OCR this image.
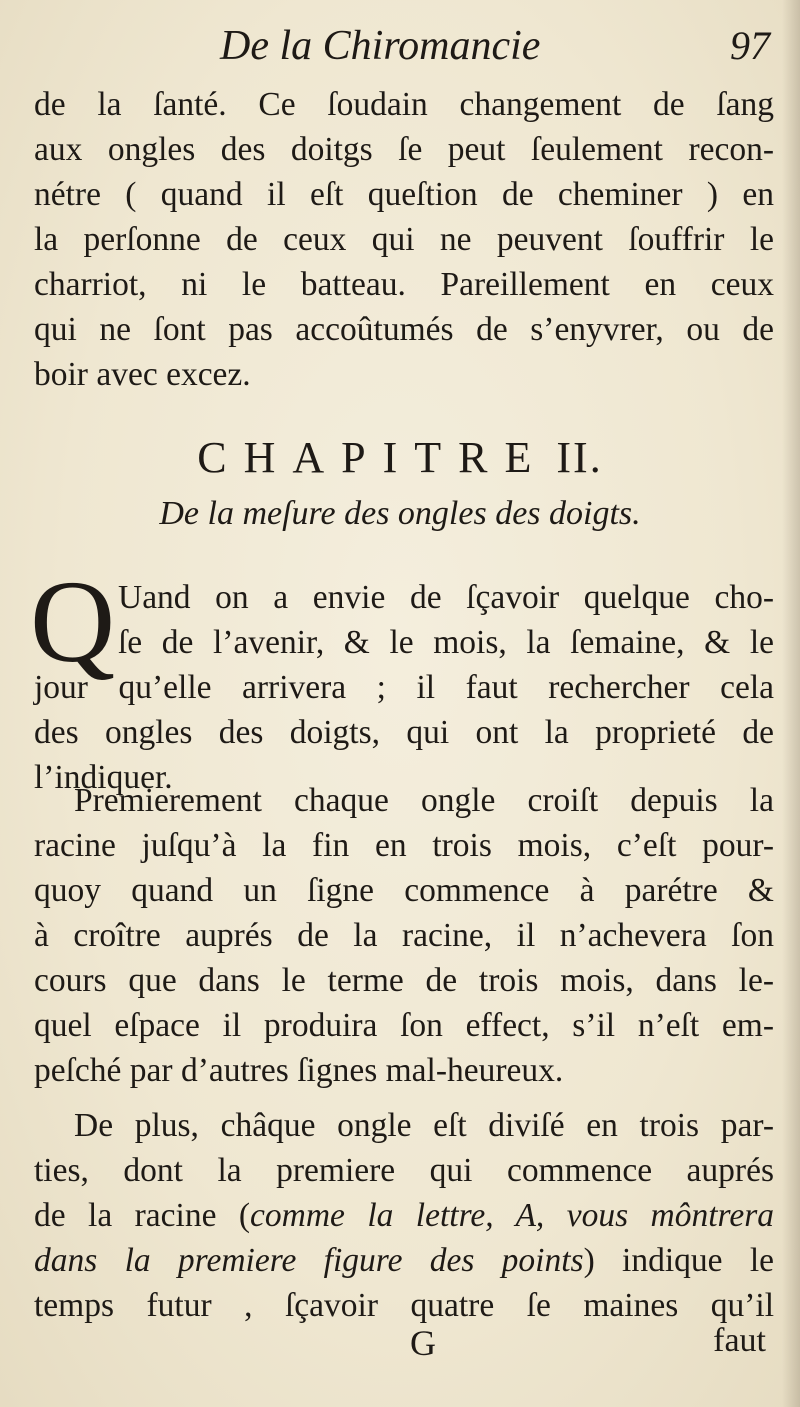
De la Chiromancie	97
de la ſanté. Ce ſoudain changement de ſang
aux ongles des doitgs ſe peut ſeulement recon-
nétre ( quand il eſt queſtion de cheminer ) en
la perſonne de ceux qui ne peuvent ſouffrir le
charriot, ni le batteau. Pareillement en ceux
qui ne ſont pas accoûtumés de s’enyvrer, ou de
boir avec excez.
CHAPITRE II.
De la meſure des ongles des doigts.
Q Uand on a envie de ſçavoir quelque cho-
ſe de l’avenir, & le mois, la ſemaine, & le
jour qu’elle arrivera ; il faut rechercher cela
des ongles des doigts, qui ont la proprieté de
l’indiquer.
Premierement chaque ongle croiſt depuis la
racine juſqu’à la fin en trois mois, c’eſt pour-
quoy quand un ſigne commence à parétre &
à croître auprés de la racine, il n’achevera ſon
cours que dans le terme de trois mois, dans le-
quel eſpace il produira ſon effect, s’il n’eſt em-
peſché par d’autres ſignes mal-heureux.
De plus, châque ongle eſt diviſé en trois par-
ties, dont la premiere qui commence auprés
de la racine (comme la lettre, A, vous môntrera
dans la premiere figure des points) indique le
temps futur , ſçavoir quatre ſe maines qu’il
G	faut
